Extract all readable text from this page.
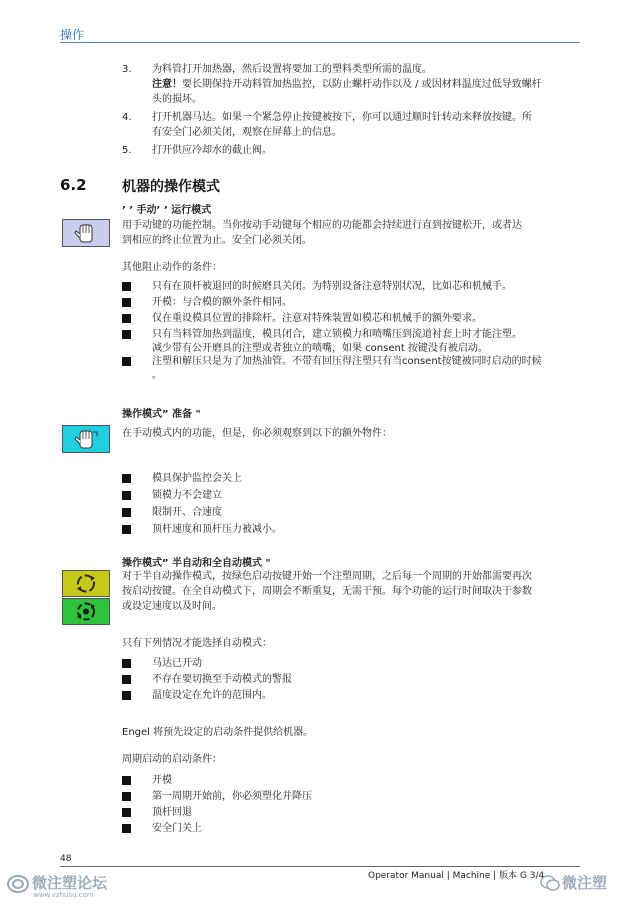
操作
3.	为料管打开加热器，然后设置将要加工的塑料类型所需的温度。
注意！要长期保持开动料管加热监控，以防止螺杆动作以及 / 或因材料温度过低导致螺杆
头的损坏。
4.	打开机器马达。如果一个紧急停止按键被按下，你可以通过顺时针转动来释放按键。所
有安全门必须关闭，观察在屏幕上的信息。
5.	打开供应冷却水的截止阀。
6.2	机器的操作模式
’ ’ 手动’ ’ 运行模式
用手动键的功能控制。当你按动手动键每个相应的功能都会持续进行直到按键松开，或者达
到相应的终止位置为止。安全门必须关闭。
其他阻止动作的条件：
只有在顶杆被退回的时候磨具关闭。为特别设备注意特别状况，比如芯和机械手。
开模：与合模的额外条件相同。
仅在重设模具位置的排除杆。注意对特殊装置如模芯和机械手的额外要求。
只有当料管加热到温度，模具闭合，建立锁模力和喷嘴压到流道衬套上时才能注塑。
减少带有公开磨具的注塑或者独立的喷嘴，如果 consent 按键没有被启动。
注塑和解压只是为了加热油管。不带有回压得注塑只有当consent按键被同时启动的时候
。
操作模式” 准备 "
在手动模式内的功能，但是，你必须观察到以下的额外物件：
模具保护监控会关上
锁模力不会建立
限制开、合速度
顶杆速度和顶杆压力被减小。
操作模式” 半自动和全自动模式 "
对于半自动操作模式，按绿色启动按键开始一个注塑周期，之后每一个周期的开始都需要再次
按启动按键。在全自动模式下，周期会不断重复，无需干预。每个功能的运行时间取决于参数
或设定速度以及时间。
只有下列情况才能选择自动模式：
马达已开动
不存在要切换至手动模式的警报
温度设定在允许的范围内。
Engel 将预先设定的启动条件提供给机器。
周期启动的启动条件：
开模
第一周期开始前，你必须塑化并降压
顶杆回退
安全门关上
48
Operator Manual | Machine | 版本 G 3/4
微注塑论坛
www.vzhusu.com
微注塑
